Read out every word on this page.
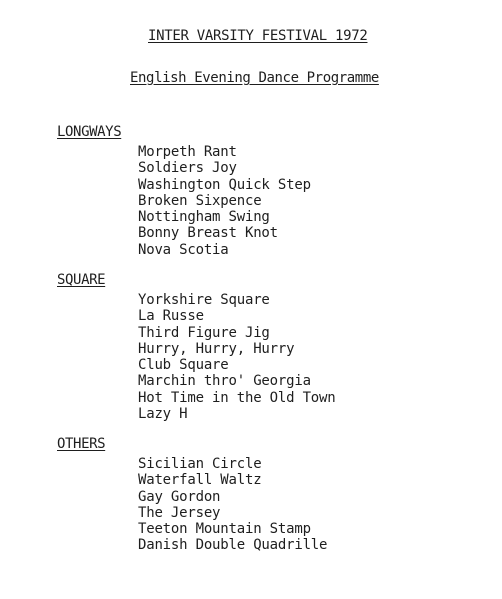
INTER VARSITY FESTIVAL 1972
English Evening Dance Programme

LONGWAYS

Morpeth Rant
Soldiers Joy
Washington Quick Step
Broken Sixpence
Nottingham Swing
Bonny Breast Knot
Nova Scotia

SQUARE

Yorkshire Square
La Russe
Third Figure Jig
Hurry, Hurry, Hurry
Club Square
Marchin thro' Georgia
Hot Time in the Old Town
Lazy H

OTHERS

Sicilian Circle
Waterfall Waltz
Gay Gordon
The Jersey
Teeton Mountain Stamp
Danish Double Quadrille
